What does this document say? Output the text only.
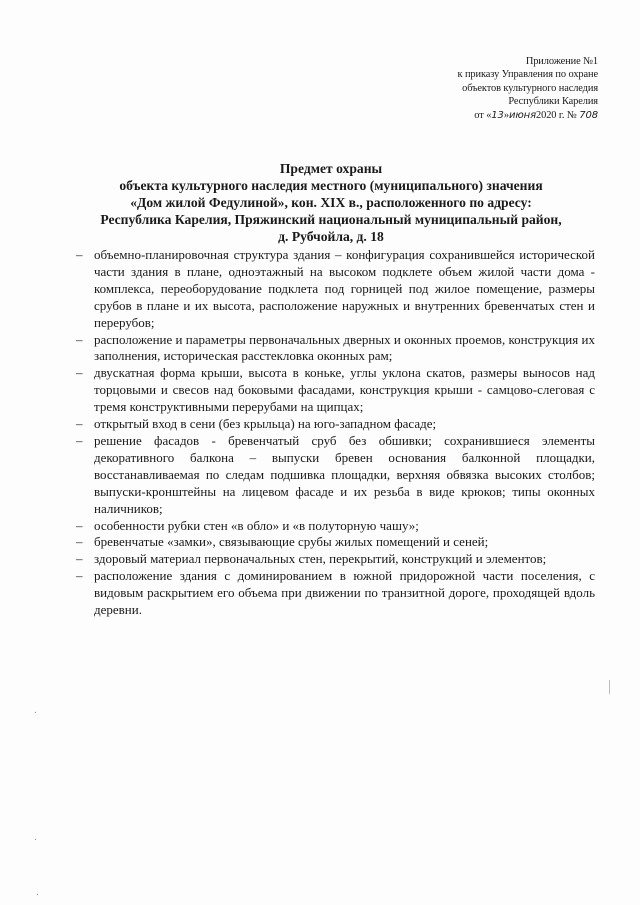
Приложение №1
к приказу Управления по охране
объектов культурного наследия
Республики Карелия
от «13»июня2020 г. № 708
Предмет охраны
объекта культурного наследия местного (муниципального) значения
«Дом жилой Федулиной», кон. XIX в., расположенного по адресу:
Республика Карелия, Пряжинский национальный муниципальный район,
д. Рубчойла, д. 18
– объемно-планировочная структура здания – конфигурация сохранившейся исторической части здания в плане, одноэтажный на высоком подклете объем жилой части дома - комплекса, переоборудование подклета под горницей под жилое помещение, размеры срубов в плане и их высота, расположение наружных и внутренних бревенчатых стен и перерубов;
– расположение и параметры первоначальных дверных и оконных проемов, конструкция их заполнения, историческая расстекловка оконных рам;
– двускатная форма крыши, высота в коньке, углы уклона скатов, размеры выносов над торцовыми и свесов над боковыми фасадами, конструкция крыши - самцово-слеговая с тремя конструктивными перерубами на щипцах;
– открытый вход в сени (без крыльца) на юго-западном фасаде;
– решение фасадов - бревенчатый сруб без обшивки; сохранившиеся элементы декоративного балкона – выпуски бревен основания балконной площадки, восстанавливаемая по следам подшивка площадки, верхняя обвязка высоких столбов; выпуски-кронштейны на лицевом фасаде и их резьба в виде крюков; типы оконных наличников;
– особенности рубки стен «в обло» и «в полуторную чашу»;
– бревенчатые «замки», связывающие срубы жилых помещений и сеней;
– здоровый материал первоначальных стен, перекрытий, конструкций и элементов;
– расположение здания с доминированием в южной придорожной части поселения, с видовым раскрытием его объема при движении по транзитной дороге, проходящей вдоль деревни.
.
.
.
